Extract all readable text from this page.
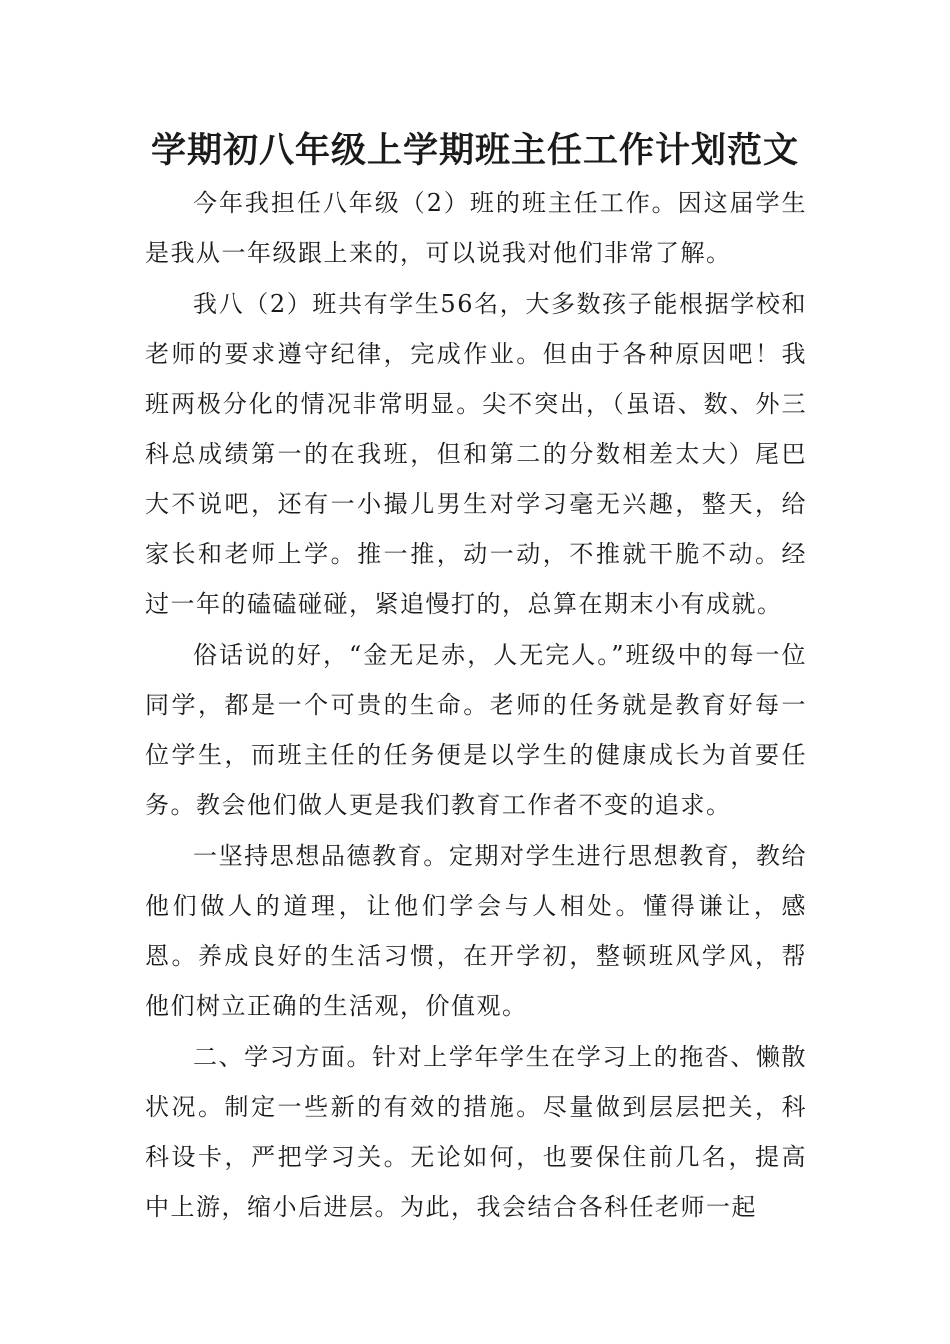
学期初八年级上学期班主任工作计划范文

今年我担任八年级（2）班的班主任工作。因这届学生是我从一年级跟上来的，可以说我对他们非常了解。

我八（2）班共有学生56名，大多数孩子能根据学校和老师的要求遵守纪律，完成作业。但由于各种原因吧！我班两极分化的情况非常明显。尖不突出，（虽语、数、外三科总成绩第一的在我班，但和第二的分数相差太大）尾巴大不说吧，还有一小撮儿男生对学习毫无兴趣，整天，给家长和老师上学。推一推，动一动，不推就干脆不动。经过一年的磕磕碰碰，紧追慢打的，总算在期末小有成就。

俗话说的好，“金无足赤，人无完人。”班级中的每一位同学，都是一个可贵的生命。老师的任务就是教育好每一位学生，而班主任的任务便是以学生的健康成长为首要任务。教会他们做人更是我们教育工作者不变的追求。

一坚持思想品德教育。定期对学生进行思想教育，教给他们做人的道理，让他们学会与人相处。懂得谦让，感恩。养成良好的生活习惯，在开学初，整顿班风学风，帮他们树立正确的生活观，价值观。

二、学习方面。针对上学年学生在学习上的拖沓、懒散状况。制定一些新的有效的措施。尽量做到层层把关，科科设卡，严把学习关。无论如何，也要保住前几名，提高中上游，缩小后进层。为此，我会结合各科任老师一起
